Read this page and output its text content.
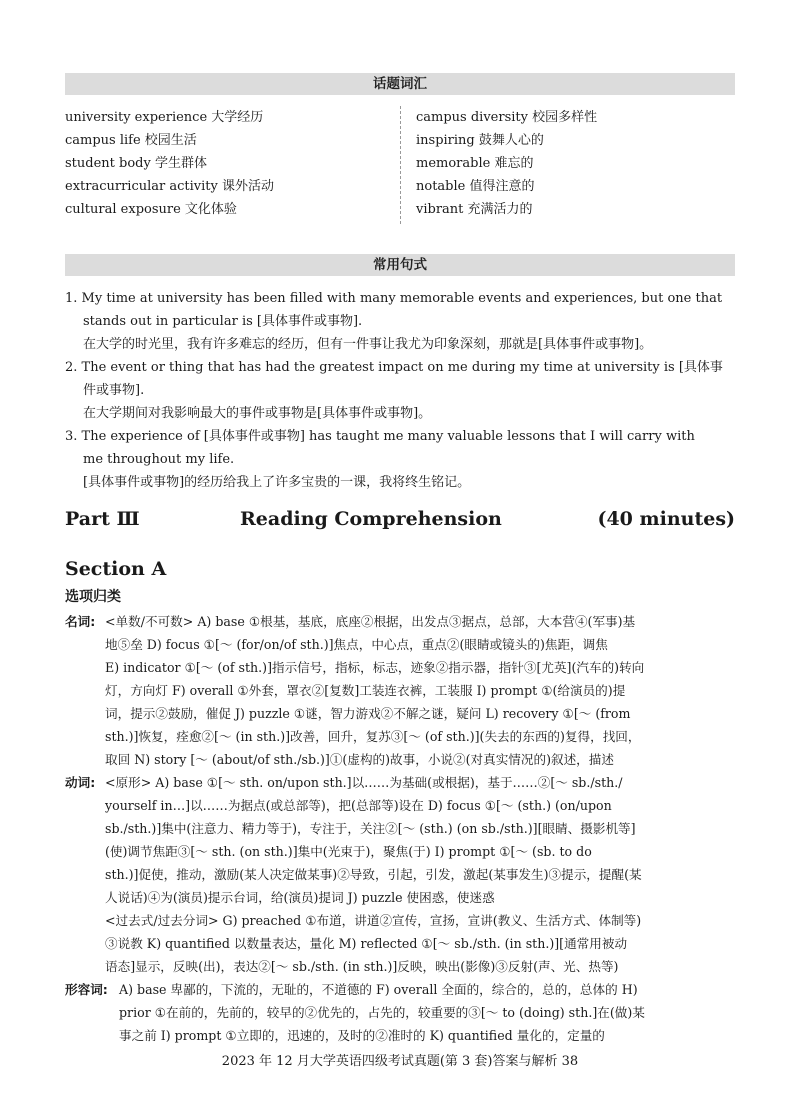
话题词汇
university experience 大学经历
campus life 校园生活
student body 学生群体
extracurricular activity 课外活动
cultural exposure 文化体验
campus diversity 校园多样性
inspiring 鼓舞人心的
memorable 难忘的
notable 值得注意的
vibrant 充满活力的
常用句式

1. My time at university has been filled with many memorable events and experiences, but one that

stands out in particular is [具体事件或事物].

在大学的时光里，我有许多难忘的经历，但有一件事让我尤为印象深刻，那就是[具体事件或事物]。

2. The event or thing that has had the greatest impact on me during my time at university is [具体事

件或事物].

在大学期间对我影响最大的事件或事物是[具体事件或事物]。

3. The experience of [具体事件或事物] has taught me many valuable lessons that I will carry with

me throughout my life.

[具体事件或事物]的经历给我上了许多宝贵的一课，我将终生铭记。

Part Ⅲ	Reading Comprehension	(40 minutes)
Section A
选项归类
名词: <单数/不可数> A) base ①根基，基底，底座②根据，出发点③据点，总部，大本营④(军事)基
地⑤垒 D) focus ①[～ (for/on/of sth.)]焦点，中心点，重点②(眼睛或镜头的)焦距，调焦
E) indicator ①[～ (of sth.)]指示信号，指标，标志，迹象②指示器，指针③[尤英](汽车的)转向
灯，方向灯 F) overall ①外套，罩衣②[复数]工装连衣裤，工装服 I) prompt ①(给演员的)提
词，提示②鼓励，催促 J) puzzle ①谜，智力游戏②不解之谜，疑问 L) recovery ①[～ (from
sth.)]恢复，痊愈②[～ (in sth.)]改善，回升，复苏③[～ (of sth.)](失去的东西的)复得，找回，
取回 N) story [～ (about/of sth./sb.)]①(虚构的)故事，小说②(对真实情况的)叙述，描述
动词: <原形> A) base ①[～ sth. on/upon sth.]以……为基础(或根据)，基于……②[～ sb./sth./
yourself in…]以……为据点(或总部等)，把(总部等)设在 D) focus ①[～ (sth.) (on/upon
sb./sth.)]集中(注意力、精力等于)，专注于，关注②[～ (sth.) (on sb./sth.)][眼睛、摄影机等]
(使)调节焦距③[～ sth. (on sth.)]集中(光束于)，聚焦(于) I) prompt ①[～ (sb. to do
sth.)]促使，推动，激励(某人决定做某事)②导致，引起，引发，激起(某事发生)③提示，提醒(某
人说话)④为(演员)提示台词，给(演员)提词 J) puzzle 使困惑，使迷惑
<过去式/过去分词> G) preached ①布道，讲道②宣传，宣扬，宣讲(教义、生活方式、体制等)
③说教 K) quantified 以数量表达，量化 M) reflected ①[～ sb./sth. (in sth.)][通常用被动
语态]显示，反映(出)，表达②[～ sb./sth. (in sth.)]反映，映出(影像)③反射(声、光、热等)
形容词: A) base 卑鄙的，下流的，无耻的，不道德的 F) overall 全面的，综合的，总的，总体的 H)
prior ①在前的，先前的，较早的②优先的，占先的，较重要的③[～ to (doing) sth.]在(做)某
事之前 I) prompt ①立即的，迅速的，及时的②准时的 K) quantified 量化的，定量的
2023 年 12 月大学英语四级考试真题(第 3 套)答案与解析 38
